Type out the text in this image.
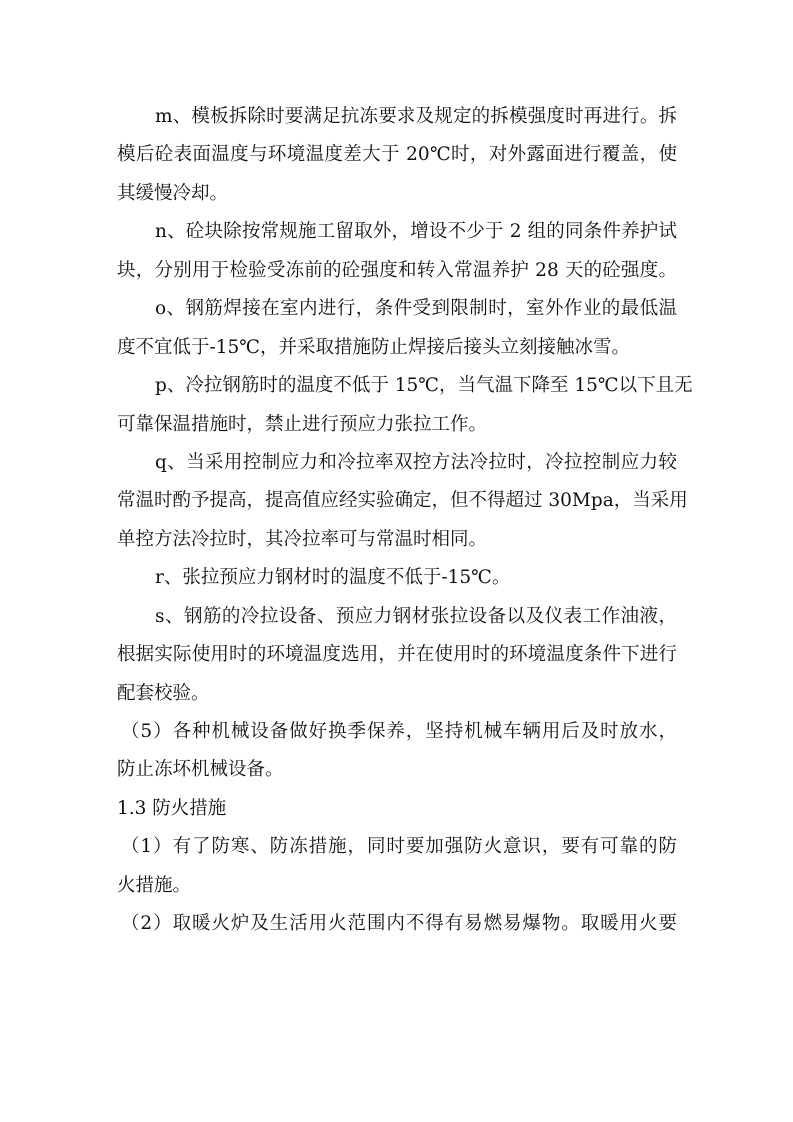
m、模板拆除时要满足抗冻要求及规定的拆模强度时再进行。拆
模后砼表面温度与环境温度差大于 20℃时，对外露面进行覆盖，使
其缓慢冷却。
n、砼块除按常规施工留取外，增设不少于 2 组的同条件养护试
块，分别用于检验受冻前的砼强度和转入常温养护 28 天的砼强度。
o、钢筋焊接在室内进行，条件受到限制时，室外作业的最低温
度不宜低于-15℃，并采取措施防止焊接后接头立刻接触冰雪。
p、冷拉钢筋时的温度不低于 15℃，当气温下降至 15℃以下且无
可靠保温措施时，禁止进行预应力张拉工作。
q、当采用控制应力和冷拉率双控方法冷拉时，冷拉控制应力较
常温时酌予提高，提高值应经实验确定，但不得超过 30Mpa，当采用
单控方法冷拉时，其冷拉率可与常温时相同。
r、张拉预应力钢材时的温度不低于-15℃。
s、钢筋的冷拉设备、预应力钢材张拉设备以及仪表工作油液，
根据实际使用时的环境温度选用，并在使用时的环境温度条件下进行
配套校验。
（5）各种机械设备做好换季保养，坚持机械车辆用后及时放水，
防止冻坏机械设备。
1.3 防火措施
（1）有了防寒、防冻措施，同时要加强防火意识，要有可靠的防
火措施。
（2）取暖火炉及生活用火范围内不得有易燃易爆物。取暖用火要
